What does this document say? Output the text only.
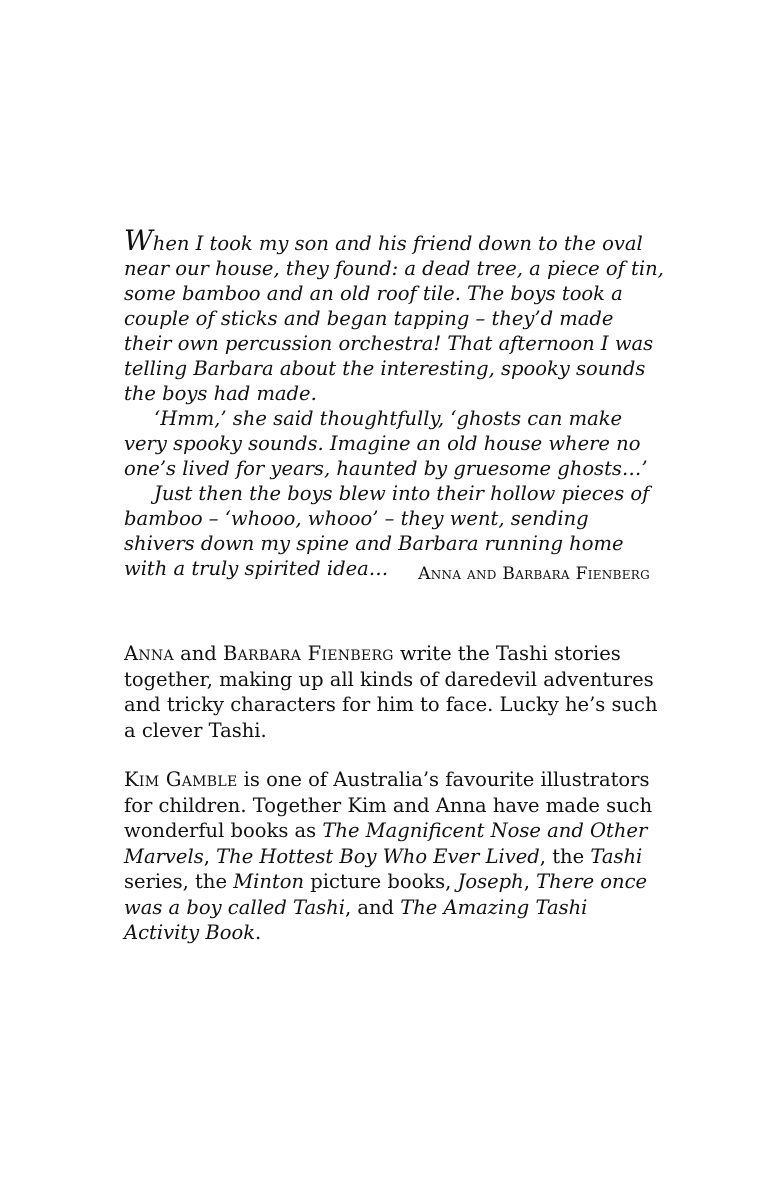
When I took my son and his friend down to the oval near our house, they found: a dead tree, a piece of tin, some bamboo and an old roof tile. The boys took a couple of sticks and began tapping – they’d made their own percussion orchestra! That afternoon I was telling Barbara about the interesting, spooky sounds the boys had made.

‘Hmm,’ she said thoughtfully, ‘ghosts can make very spooky sounds. Imagine an old house where no one’s lived for years, haunted by gruesome ghosts…’

Just then the boys blew into their hollow pieces of bamboo – ‘whooo, whooo’ – they went, sending shivers down my spine and Barbara running home with a truly spirited idea…	Anna and Barbara Fienberg

Anna and Barbara Fienberg write the Tashi stories together, making up all kinds of daredevil adventures and tricky characters for him to face. Lucky he’s such a clever Tashi.

Kim Gamble is one of Australia’s favourite illustrators for children. Together Kim and Anna have made such wonderful books as The Magnificent Nose and Other Marvels, The Hottest Boy Who Ever Lived, the Tashi series, the Minton picture books, Joseph, There once was a boy called Tashi, and The Amazing Tashi Activity Book.
